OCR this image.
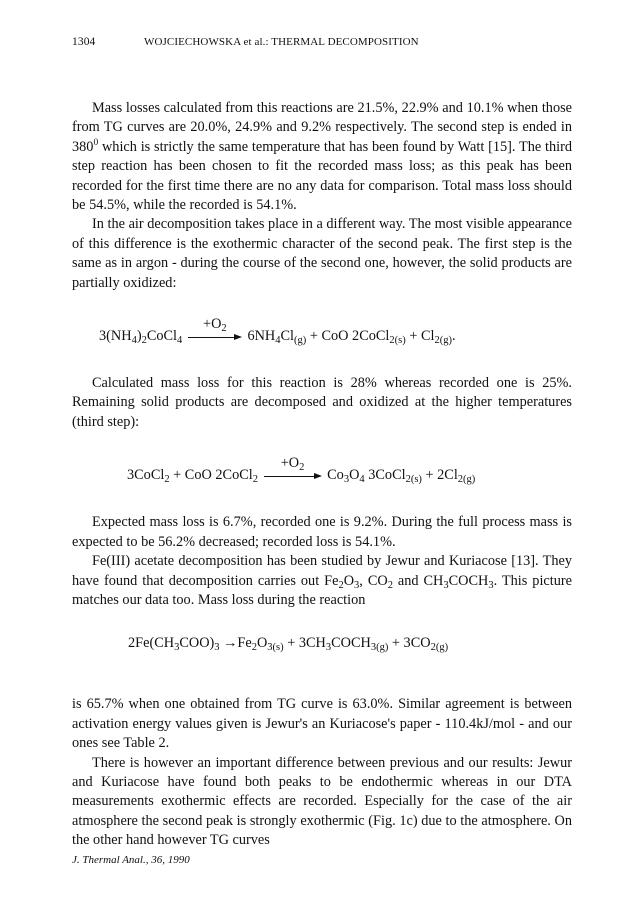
1304	WOJCIECHOWSKA et al.: THERMAL DECOMPOSITION

Mass losses calculated from this reactions are 21.5%, 22.9% and 10.1% when those from TG curves are 20.0%, 24.9% and 9.2% respectively. The second step is ended in $380^0$ which is strictly the same temperature that has been found by Watt [15]. The third step reaction has been chosen to fit the recorded mass loss; as this peak has been recorded for the first time there are no any data for comparison. Total mass loss should be 54.5%, while the recorded is 54.1%.

In the air decomposition takes place in a different way. The most visible appearance of this difference is the exothermic character of the second peak. The first step is the same as in argon - during the course of the second one, however, the solid products are partially oxidized:

$3(NH_4)_2CoCl_4$
$+O_2$	$6NH_4Cl_{(g)}$ + CoO 2CoCl$_{2(s)}$ + $Cl_{2(g)}$.

Calculated mass loss for this reaction is 28% whereas recorded one is 25%. Remaining solid products are decomposed and oxidized at the higher temperatures (third step):

3CoCl$_2$ + CoO 2CoCl$_2$
$+O_2$	$Co_3O_4$ 3CoCl$_{2(s)}$ + $2Cl_{2(g)}$

Expected mass loss is 6.7%, recorded one is 9.2%. During the full process mass is expected to be 56.2% decreased; recorded loss is 54.1%.

Fe(III) acetate decomposition has been studied by Jewur and Kuriacose [13]. They have found that decomposition carries out $Fe_2O_3$, $CO_2$ and $CH_3COCH_3$. This picture matches our data too. Mass loss during the reaction

$2Fe(CH_3COO)_3 \to Fe_2O_{3(s)}$ + $3CH_3COCH_{3(g)} + 3CO_{2(g)}$

is 65.7% when one obtained from TG curve is 63.0%. Similar agreement is between activation energy values given is Jewur's an Kuriacose's paper - 110.4kJ/mol - and our ones see Table 2.

There is however an important difference between previous and our results: Jewur and Kuriacose have found both peaks to be endothermic whereas in our DTA measurements exothermic effects are recorded. Especially for the case of the air atmosphere the second peak is strongly exothermic (Fig. 1c) due to the atmosphere. On the other hand however TG curves

J. Thermal Anal., 36, 1990
